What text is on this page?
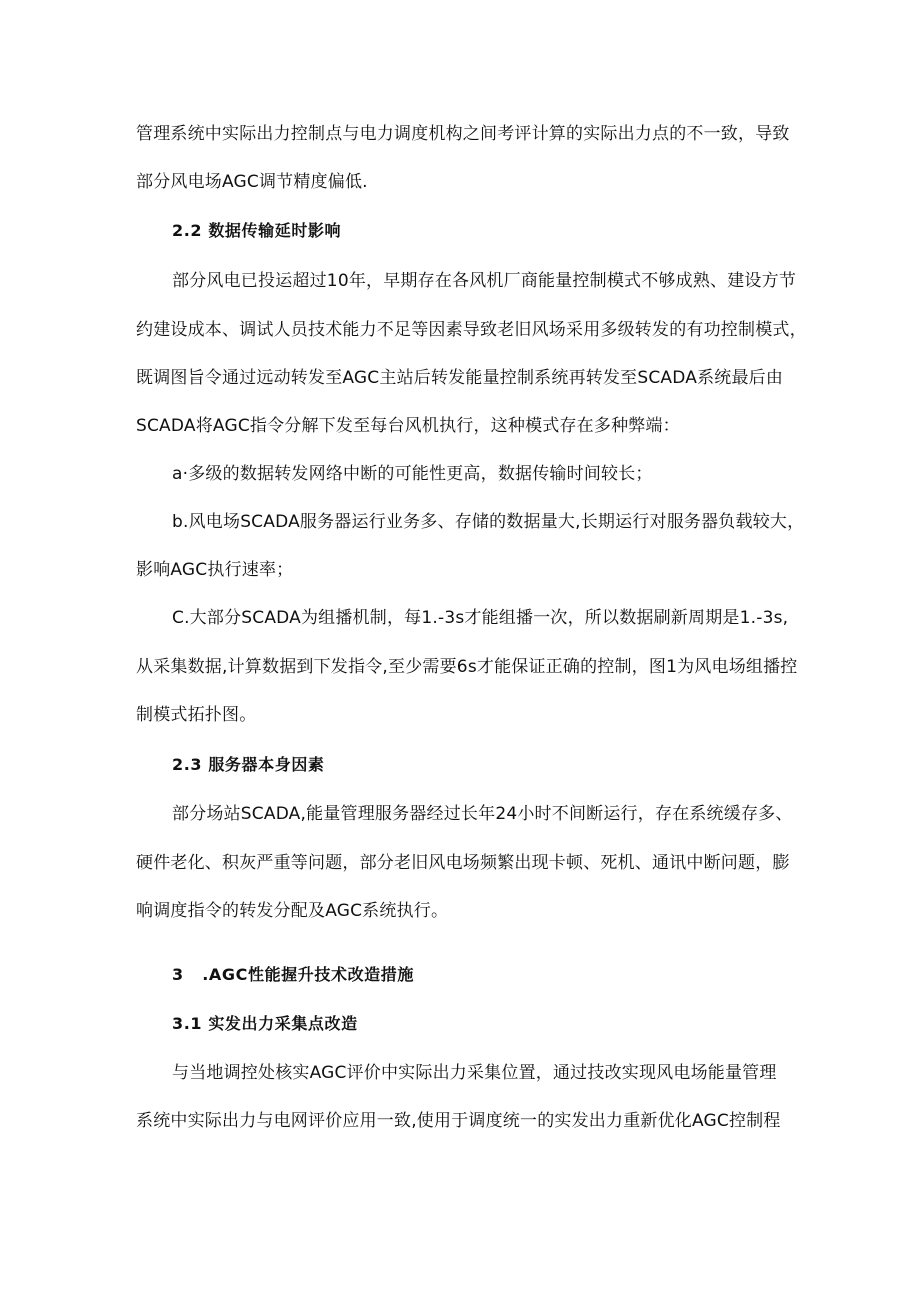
管理系统中实际出力控制点与电力调度机构之间考评计算的实际出力点的不一致，导致
部分风电场AGC调节精度偏低.
2.2 数据传输延时影响
部分风电已投运超过10年，早期存在各风机厂商能量控制模式不够成熟、建设方节
约建设成本、调试人员技术能力不足等因素导致老旧风场采用多级转发的有功控制模式，
既调图旨令通过远动转发至AGC主站后转发能量控制系统再转发至SCADA系统最后由
SCADA将AGC指令分解下发至每台风机执行，这种模式存在多种弊端：
a·多级的数据转发网络中断的可能性更高，数据传输时间较长；
b.风电场SCADA服务器运行业务多、存储的数据量大,长期运行对服务器负载较大，
影响AGC执行速率；
C.大部分SCADA为组播机制，每1.-3s才能组播一次，所以数据刷新周期是1.-3s,
从采集数据,计算数据到下发指令,至少需要6s才能保证正确的控制，图1为风电场组播控
制模式拓扑图。
2.3 服务器本身因素
部分场站SCADA,能量管理服务器经过长年24小时不间断运行，存在系统缓存多、
硬件老化、积灰严重等问题，部分老旧风电场频繁出现卡顿、死机、通讯中断问题，膨
响调度指令的转发分配及AGC系统执行。
3   .AGC性能握升技术改造措施
3.1 实发出力采集点改造
与当地调控处核实AGC评价中实际出力采集位置，通过技改实现风电场能量管理
系统中实际出力与电网评价应用一致,使用于调度统一的实发出力重新优化AGC控制程
